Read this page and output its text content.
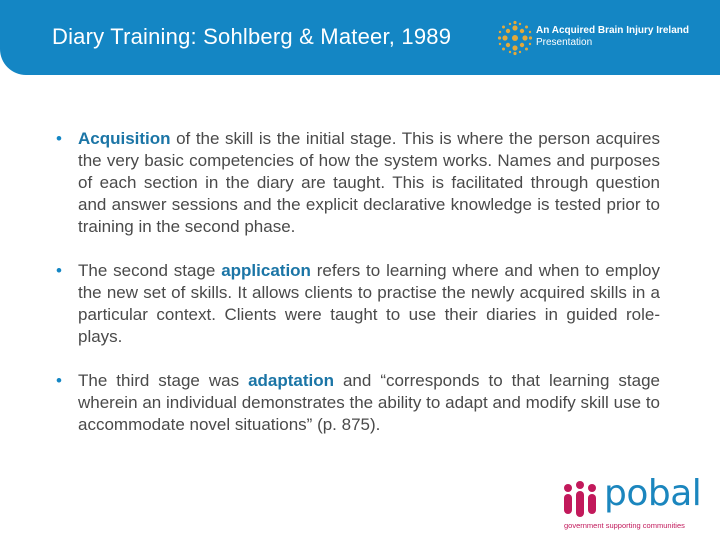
Diary Training: Sohlberg & Mateer, 1989	An Acquired Brain Injury Ireland
Presentation
• Acquisition of the skill is the initial stage. This is where the person acquires the very basic competencies of how the system works. Names and purposes of each section in the diary are taught. This is facilitated through question and answer sessions and the explicit declarative knowledge is tested prior to training in the second phase.
• The second stage application refers to learning where and when to employ the new set of skills. It allows clients to practise the newly acquired skills in a particular context. Clients were taught to use their diaries in guided role-plays.
• The third stage was adaptation and “corresponds to that learning stage wherein an individual demonstrates the ability to adapt and modify skill use to accommodate novel situations” (p. 875).
pobal
government supporting communities
